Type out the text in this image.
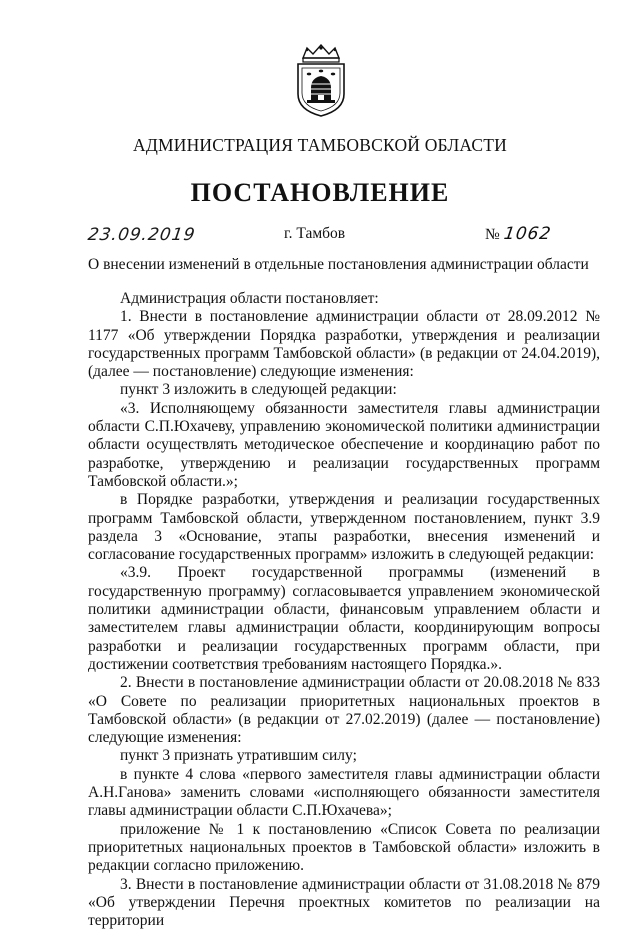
АДМИНИСТРАЦИЯ ТАМБОВСКОЙ ОБЛАСТИ
ПОСТАНОВЛЕНИЕ
23.09.2019	г. Тамбов	№ 1062
О внесении изменений в отдельные постановления администрации области

Администрация области постановляет:

1. Внести в постановление администрации области от 28.09.2012 № 1177 «Об утверждении Порядка разработки, утверждения и реализации государственных программ Тамбовской области» (в редакции от 24.04.2019), (далее — постановление) следующие изменения:

пункт 3 изложить в следующей редакции:

«3. Исполняющему обязанности заместителя главы администрации области С.П.Юхачеву, управлению экономической политики администрации области осуществлять методическое обеспечение и координацию работ по разработке, утверждению и реализации государственных программ Тамбовской области.»;

в Порядке разработки, утверждения и реализации государственных программ Тамбовской области, утвержденном постановлением, пункт 3.9 раздела 3 «Основание, этапы разработки, внесения изменений и согласование государственных программ» изложить в следующей редакции:

«3.9. Проект государственной программы (изменений в государственную программу) согласовывается управлением экономической политики администрации области, финансовым управлением области и заместителем главы администрации области, координирующим вопросы разработки и реализации государственных программ области, при достижении соответствия требованиям настоящего Порядка.».

2. Внести в постановление администрации области от 20.08.2018 № 833 «О Совете по реализации приоритетных национальных проектов в Тамбовской области» (в редакции от 27.02.2019) (далее — постановление) следующие изменения:

пункт 3 признать утратившим силу;

в пункте 4 слова «первого заместителя главы администрации области А.Н.Ганова» заменить словами «исполняющего обязанности заместителя главы администрации области С.П.Юхачева»;

приложение № 1 к постановлению «Список Совета по реализации приоритетных национальных проектов в Тамбовской области» изложить в редакции согласно приложению.

3. Внести в постановление администрации области от 31.08.2018 № 879 «Об утверждении Перечня проектных комитетов по реализации на территории
